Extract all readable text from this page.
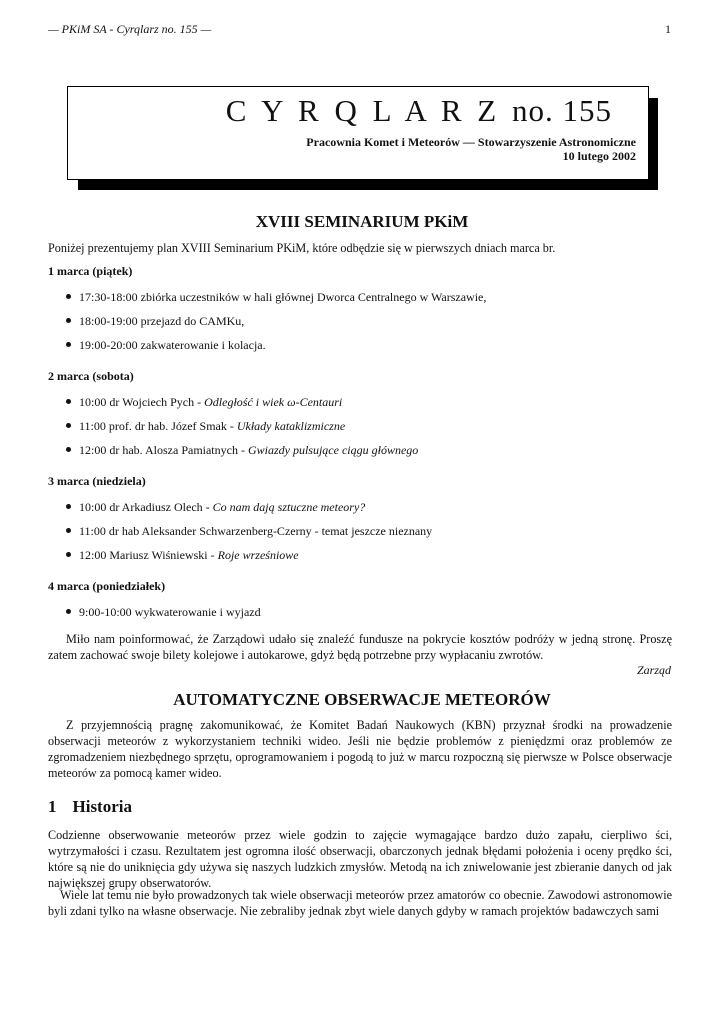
— PKiM SA - Cyrqlarz no. 155 —	1
C Y R Q L A R Z no. 155
Pracownia Komet i Meteorów — Stowarzyszenie Astronomiczne
10 lutego 2002
XVIII SEMINARIUM PKiM
Poniżej prezentujemy plan XVIII Seminarium PKiM, które odbędzie się w pierwszych dniach marca br.
1 marca (piątek)
17:30-18:00 zbiórka uczestników w hali głównej Dworca Centralnego w Warszawie,
18:00-19:00 przejazd do CAMKu,
19:00-20:00 zakwaterowanie i kolacja.
2 marca (sobota)
10:00 dr Wojciech Pych - Odległość i wiek ω-Centauri
11:00 prof. dr hab. Józef Smak - Układy kataklizmiczne
12:00 dr hab. Alosza Pamiatnych - Gwiazdy pulsujące ciągu głównego
3 marca (niedziela)
10:00 dr Arkadiusz Olech - Co nam dają sztuczne meteory?
11:00 dr hab Aleksander Schwarzenberg-Czerny - temat jeszcze nieznany
12:00 Mariusz Wiśniewski - Roje wrześniowe
4 marca (poniedziałek)
9:00-10:00 wykwaterowanie i wyjazd
Miło nam poinformować, że Zarządowi udało się znaleźć fundusze na pokrycie kosztów podróży w jedną stronę. Proszę zatem zachować swoje bilety kolejowe i autokarowe, gdyż będą potrzebne przy wypłacaniu zwrotów.
Zarząd
AUTOMATYCZNE OBSERWACJE METEORÓW
Z przyjemnością pragnę zakomunikować, że Komitet Badań Naukowych (KBN) przyznał środki na prowadzenie obserwacji meteorów z wykorzystaniem techniki wideo. Jeśli nie będzie problemów z pieniędzmi oraz problemów ze zgromadzeniem niezbędnego sprzętu, oprogramowaniem i pogodą to już w marcu rozpoczną się pierwsze w Polsce obserwacje meteorów za pomocą kamer wideo.
1 Historia
Codzienne obserwowanie meteorów przez wiele godzin to zajęcie wymagające bardzo dużo zapału, cierpliwo ści, wytrzymałości i czasu. Rezultatem jest ogromna ilość obserwacji, obarczonych jednak błędami położenia i oceny prędko ści, które są nie do uniknięcia gdy używa się naszych ludzkich zmysłów. Metodą na ich zniwelowanie jest zbieranie danych od jak największej grupy obserwatorów.
Wiele lat temu nie było prowadzonych tak wiele obserwacji meteorów przez amatorów co obecnie. Zawodowi astronomowie byli zdani tylko na własne obserwacje. Nie zebraliby jednak zbyt wiele danych gdyby w ramach projektów badawczych sami
